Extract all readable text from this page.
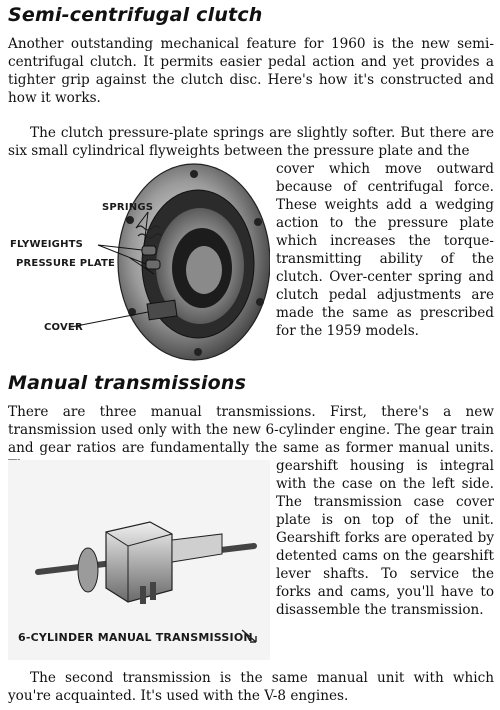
Semi-centrifugal clutch

Another outstanding mechanical feature for 1960 is the new semi-centrifugal clutch. It permits easier pedal action and yet provides a tighter grip against the clutch disc. Here's how it's constructed and how it works.

The clutch pressure-plate springs are slightly softer. But there are six small cylindrical flyweights between the pressure plate and the

SPRINGS
FLYWEIGHTS
PRESSURE PLATE
COVER

cover which move outward because of centrifugal force. These weights add a wedging action to the pressure plate which increases the torque-transmitting ability of the clutch. Over-center spring and clutch pedal adjustments are made the same as prescribed for the 1959 models.

Manual transmissions

There are three manual transmissions. First, there's a new transmission used only with the new 6-cylinder engine. The gear train and gear ratios are fundamentally the same as former manual units.

6-CYLINDER MANUAL TRANSMISSION

gearshift housing is integral with the case on the left side. The transmission case cover plate is on top of the unit. Gearshift forks are operated by detented cams on the gearshift lever shafts. To service the forks and cams, you'll have to disassemble the transmission.

The second transmission is the same manual unit with which you're acquainted. It's used with the V-8 engines.
